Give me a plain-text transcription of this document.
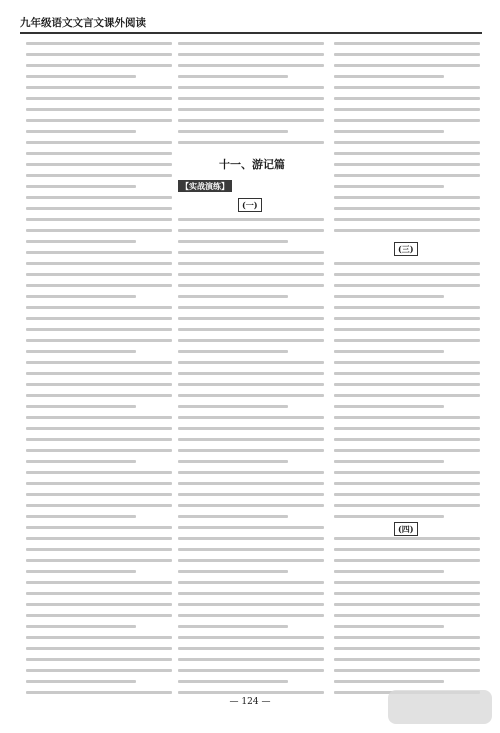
九年级语文文言文课外阅读
十一、游记篇
【实战演练】
(一)
(三)
(四)
— 124 —
